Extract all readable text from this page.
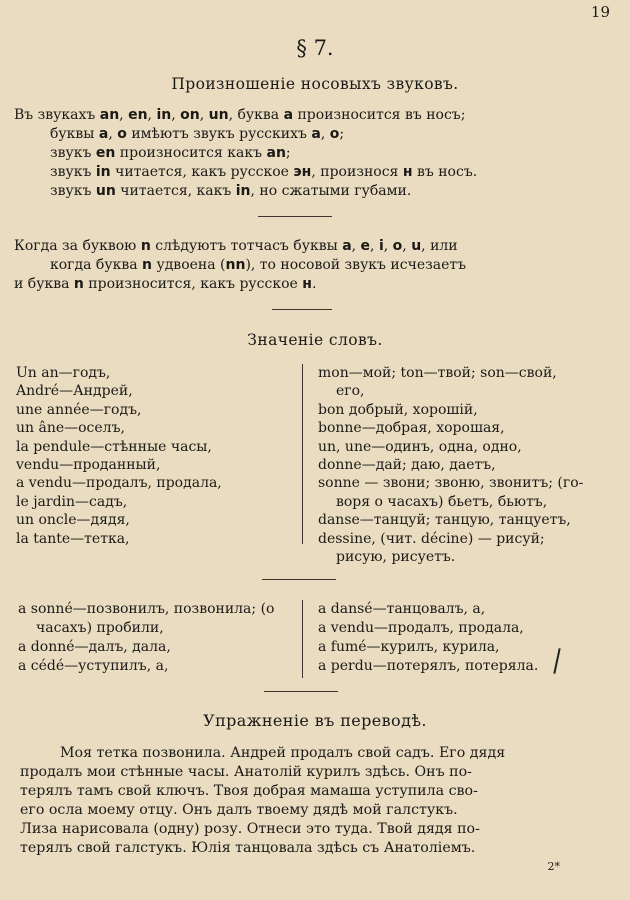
19
§ 7.
Произношеніе носовыхъ звуковъ.
Въ звукахъ an, en, in, on, un, буква a произносится въ носъ;
буквы a, o имѣютъ звукъ русскихъ а, о;
звукъ en произносится какъ an;
звукъ in читается, какъ русское эн, произнося н въ носъ.
звукъ un читается, какъ in, но сжатыми губами.
Когда за буквою n слѣдуютъ тотчасъ буквы a, e, i, o, u, или
когда буква n удвоена (nn), то носовой звукъ исчезаетъ
и буква n произносится, какъ русское н.
Значеніе словъ.
Un an—годъ,
André—Андрей,
une année—годъ,
un âne—оселъ,
la pendule—стѣнные часы,
vendu—проданный,
a vendu—продалъ, продала,
le jardin—садъ,
un oncle—дядя,
la tante—тетка,
mon—мой; ton—твой; son—свой,
его,
bon добрый, хорошій,
bonne—добрая, хорошая,
un, une—одинъ, одна, одно,
donne—дай; даю, даетъ,
sonne — звони; звоню, звонитъ; (го-
воря о часахъ) бьетъ, бьютъ,
danse—танцуй; танцую, танцуетъ,
dessine, (чит. décine) — рисуй;
рисую, рисуетъ.
a sonné—позвонилъ, позвонила; (о
часахъ) пробили,
a donné—далъ, дала,
a cédé—уступилъ, а,
a dansé—танцовалъ, а,
a vendu—продалъ, продала,
a fumé—курилъ, курила,
a perdu—потерялъ, потеряла.
Упражненіе въ переводѣ.
Моя тетка позвонила. Андрей продалъ свой садъ. Его дядя
продалъ мои стѣнные часы. Анатолій курилъ здѣсь. Онъ по-
терялъ тамъ свой ключъ. Твоя добрая мамаша уступила сво-
его осла моему отцу. Онъ далъ твоему дядѣ мой галстукъ.
Лиза нарисовала (одну) розу. Отнеси это туда. Твой дядя по-
терялъ свой галстукъ. Юлія танцовала здѣсь съ Анатоліемъ.
2*
